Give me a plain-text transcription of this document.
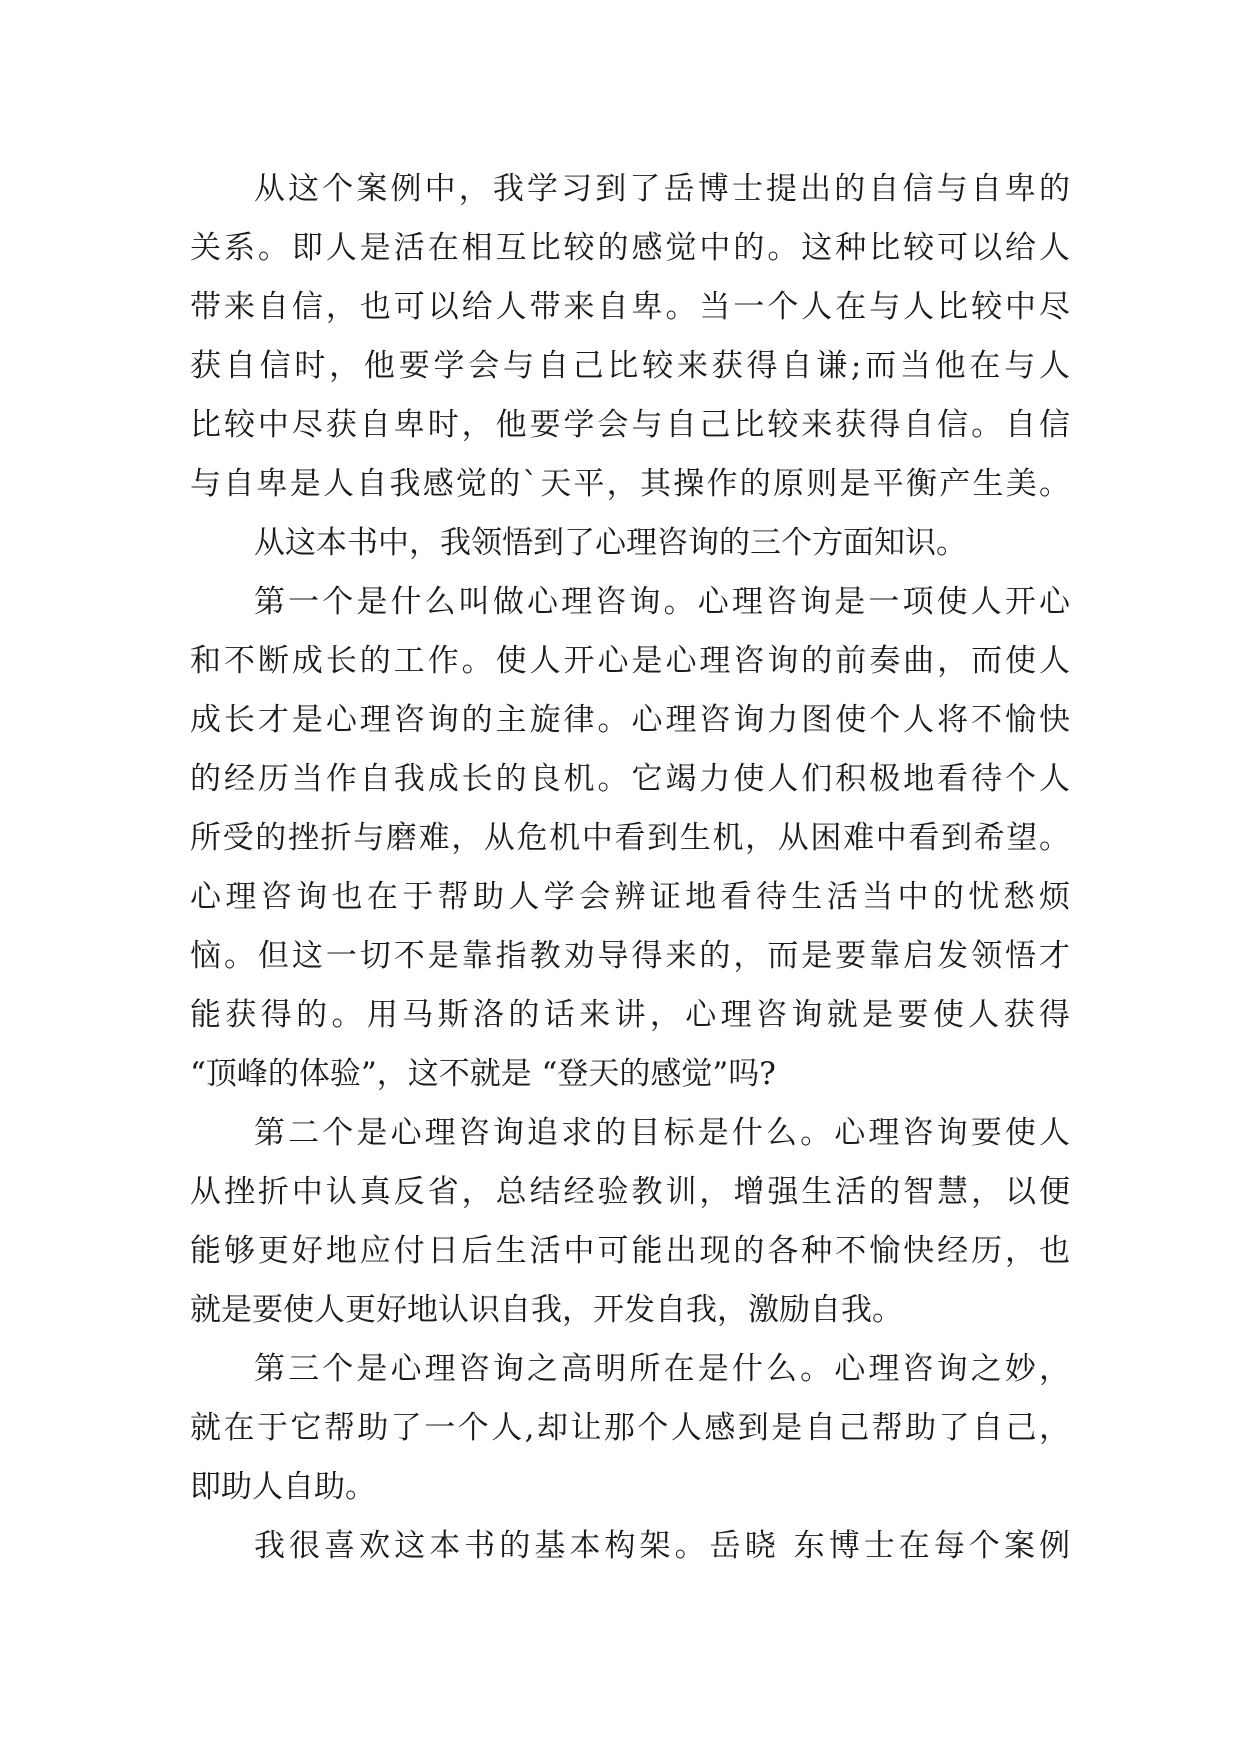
从这个案例中，我学习到了岳博士提出的自信与自卑的
关系。即人是活在相互比较的感觉中的。这种比较可以给人
带来自信，也可以给人带来自卑。当一个人在与人比较中尽
获自信时，他要学会与自己比较来获得自谦;而当他在与人
比较中尽获自卑时，他要学会与自己比较来获得自信。自信
与自卑是人自我感觉的`天平，其操作的原则是平衡产生美。
从这本书中，我领悟到了心理咨询的三个方面知识。
第一个是什么叫做心理咨询。心理咨询是一项使人开心
和不断成长的工作。使人开心是心理咨询的前奏曲，而使人
成长才是心理咨询的主旋律。心理咨询力图使个人将不愉快
的经历当作自我成长的良机。它竭力使人们积极地看待个人
所受的挫折与磨难，从危机中看到生机，从困难中看到希望。
心理咨询也在于帮助人学会辨证地看待生活当中的忧愁烦
恼。但这一切不是靠指教劝导得来的，而是要靠启发领悟才
能获得的。用马斯洛的话来讲，心理咨询就是要使人获得
“顶峰的体验”，这不就是 “登天的感觉”吗?
第二个是心理咨询追求的目标是什么。心理咨询要使人
从挫折中认真反省，总结经验教训，增强生活的智慧，以便
能够更好地应付日后生活中可能出现的各种不愉快经历，也
就是要使人更好地认识自我，开发自我，激励自我。
第三个是心理咨询之高明所在是什么。心理咨询之妙，
就在于它帮助了一个人,却让那个人感到是自己帮助了自己，
即助人自助。
我很喜欢这本书的基本构架。岳晓 东博士在每个案例
